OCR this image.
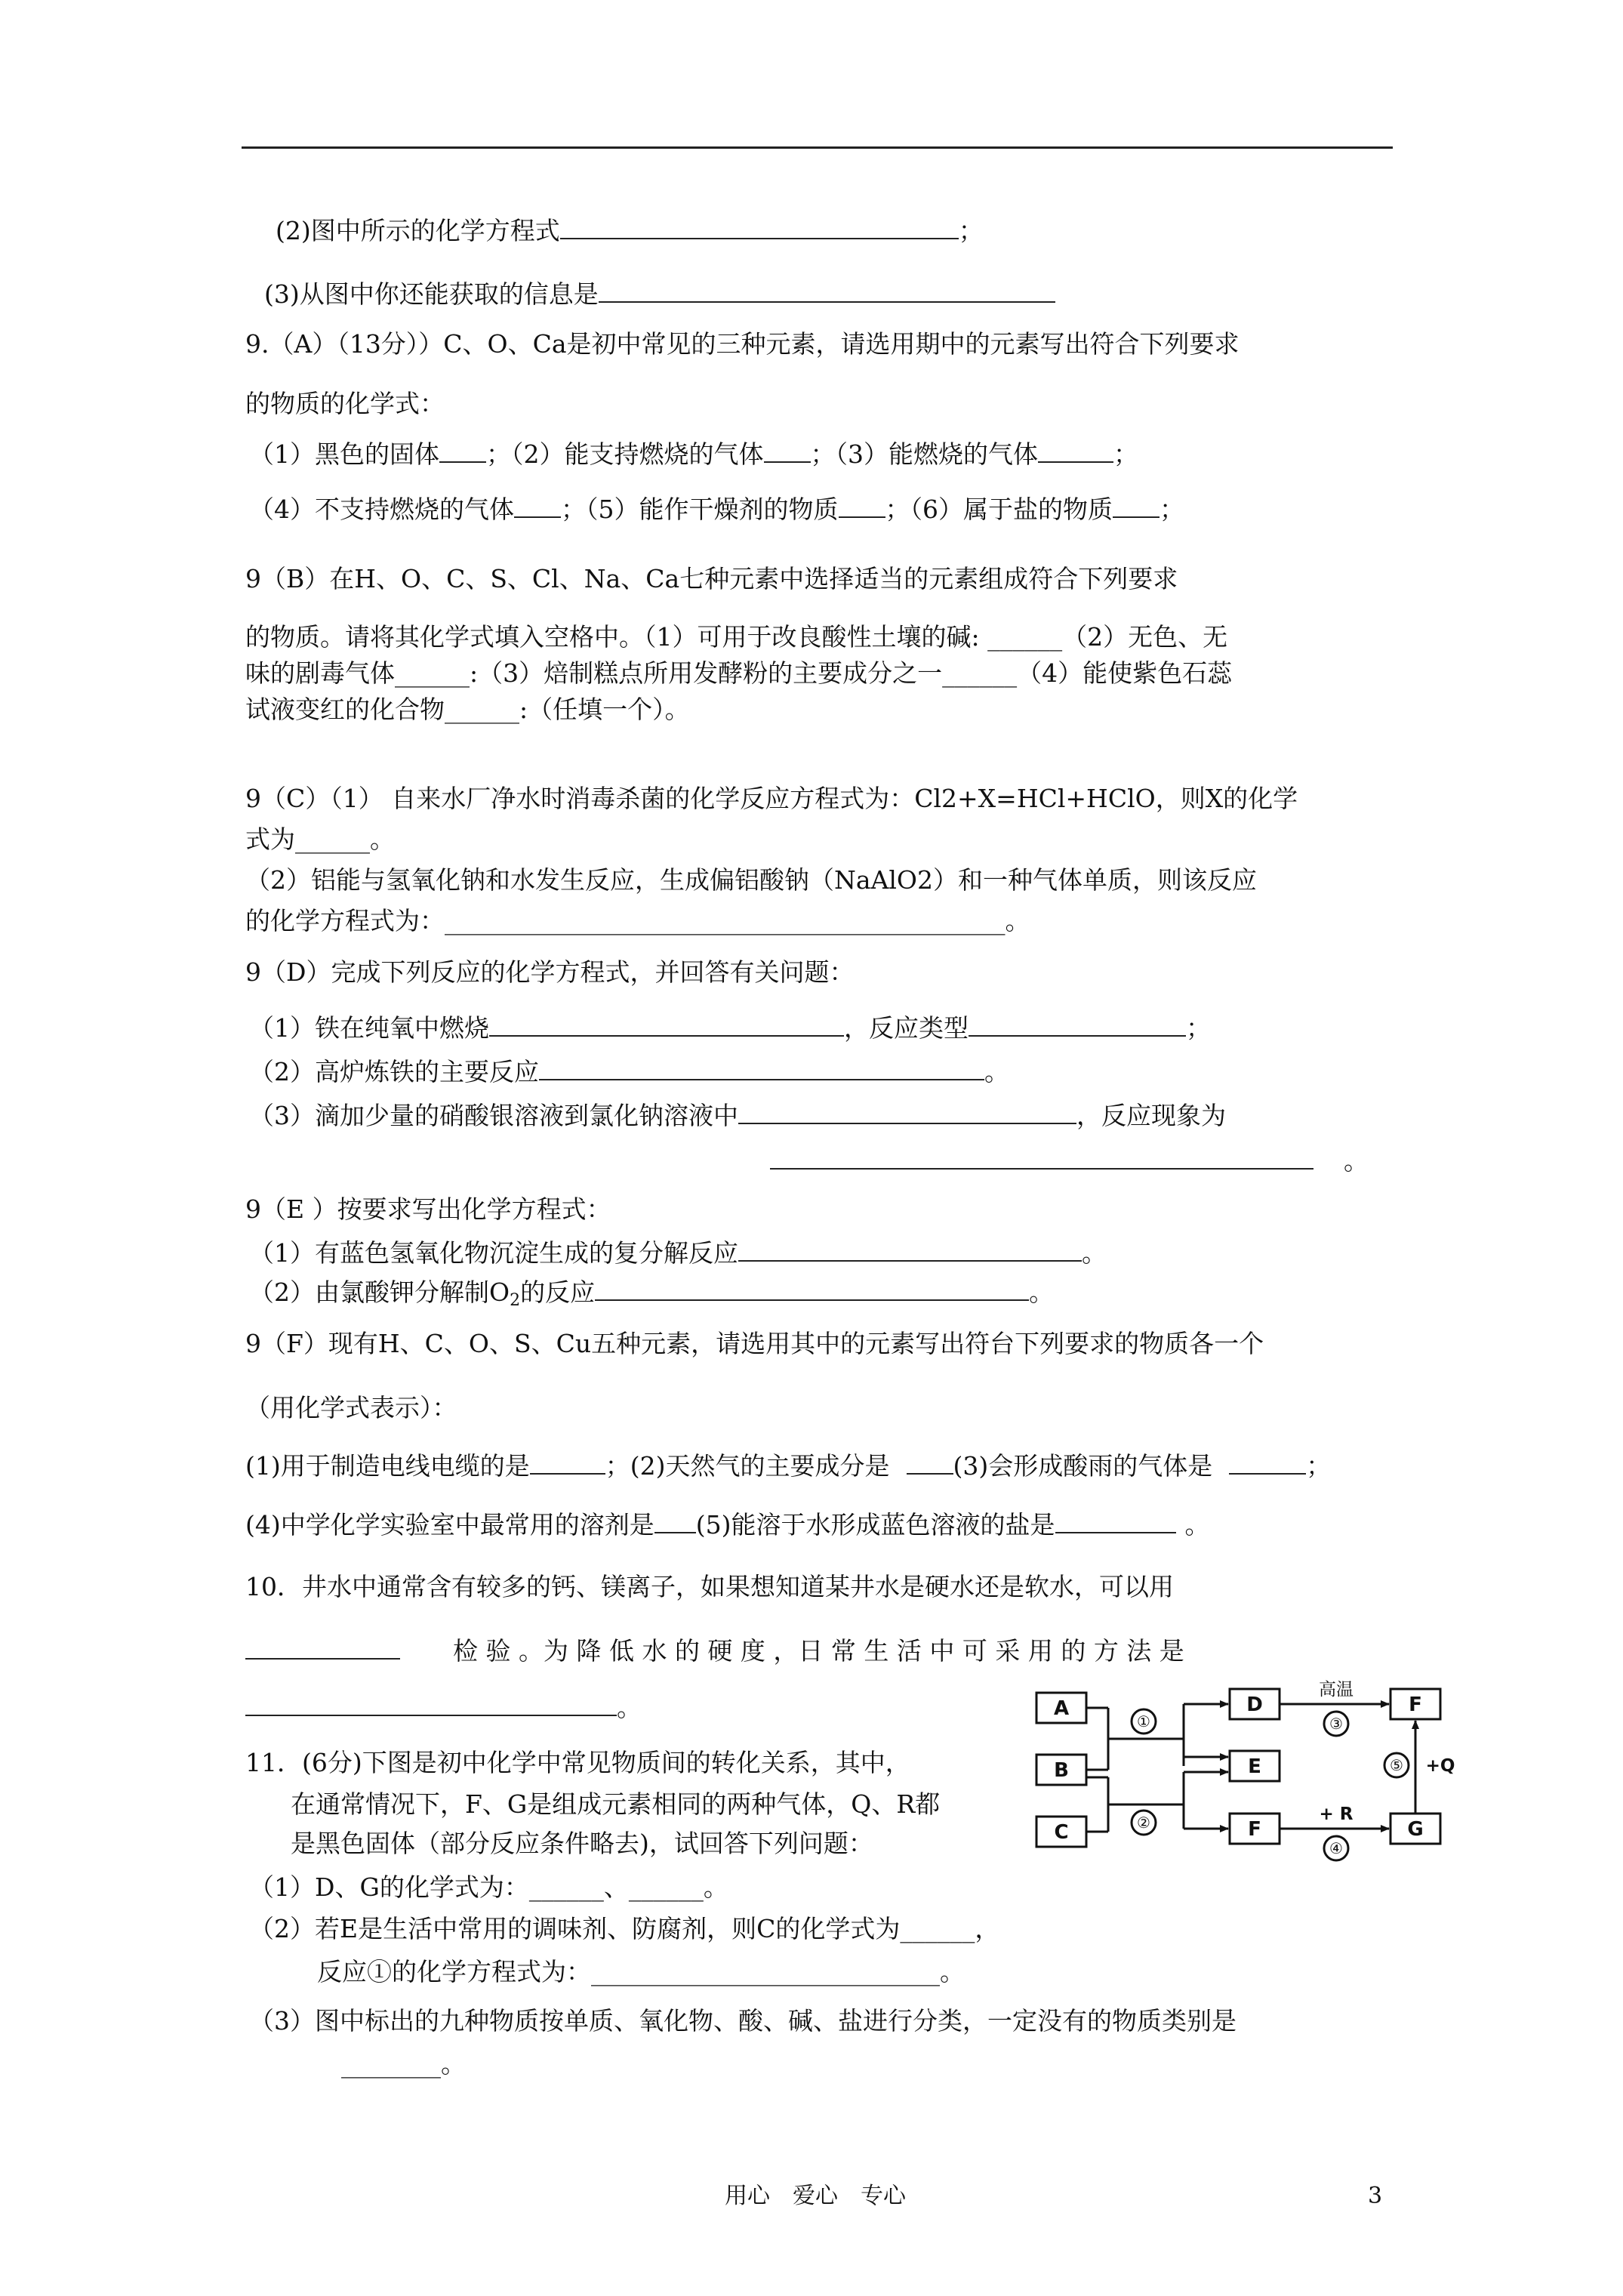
(2)图中所示的化学方程式	；
(3)从图中你还能获取的信息是
9.（A）（13分））C、O、Ca是初中常见的三种元素，请选用期中的元素写出符合下列要求
的物质的化学式：
（1）黑色的固体 ；（2）能支持燃烧的气体 ；（3）能燃烧的气体	；
（4）不支持燃烧的气体 ；（5）能作干燥剂的物质 ；（6）属于盐的物质 ；
9（B）在H、O、C、S、Cl、Na、Ca七种元素中选择适当的元素组成符合下列要求
的物质。请将其化学式填入空格中。（1）可用于改良酸性土壤的碱: ______（2）无色、无
味的剧毒气体______:（3）焙制糕点所用发酵粉的主要成分之一______（4）能使紫色石蕊
试液变红的化合物______:（任填一个）。
9（C）（1） 自来水厂净水时消毒杀菌的化学反应方程式为：Cl2+X=HCl+HClO，则X的化学
式为______。
（2）铝能与氢氧化钠和水发生反应，生成偏铝酸钠（NaAlO2）和一种气体单质，则该反应
的化学方程式为：_____________________________________________。
9（D）完成下列反应的化学方程式，并回答有关问题：
（1）铁在纯氧中燃烧	，反应类型	；
（2）高炉炼铁的主要反应	。
（3）滴加少量的硝酸银溶液到氯化钠溶液中	，反应现象为
。
9（E ）按要求写出化学方程式：
（1）有蓝色氢氧化物沉淀生成的复分解反应	。
（2）由氯酸钾分解制$O_2$的反应	。
9（F）现有H、C、O、S、Cu五种元素，请选用其中的元素写出符台下列要求的物质各一个
（用化学式表示）：
(1)用于制造电线电缆的是	；(2)天然气的主要成分是	(3)会形成酸雨的气体是	；
(4)中学化学实验室中最常用的溶剂是 (5)能溶于水形成蓝色溶液的盐是	。
10．井水中通常含有较多的钙、镁离子，如果想知道某井水是硬水还是软水，可以用
检 验 。为 降 低 水 的 硬 度 ，日 常 生 活 中 可 采 用 的 方 法 是
。
11．(6分)下图是初中化学中常见物质间的转化关系，其中，
在通常情况下，F、G是组成元素相同的两种气体，Q、R都
是黑色固体（部分反应条件略去)，试回答下列问题：
（1）D、G的化学式为：______、______。
（2）若E是生活中常用的调味剂、防腐剂，则C的化学式为______，
反应①的化学方程式为：____________________________。
（3）图中标出的九种物质按单质、氧化物、酸、碱、盐进行分类，一定没有的物质类别是
________。
A
B
C
D
E
F
F
G
①
②
③
④
⑤
高温
+ R
+Q
用心　爱心　专心	3
